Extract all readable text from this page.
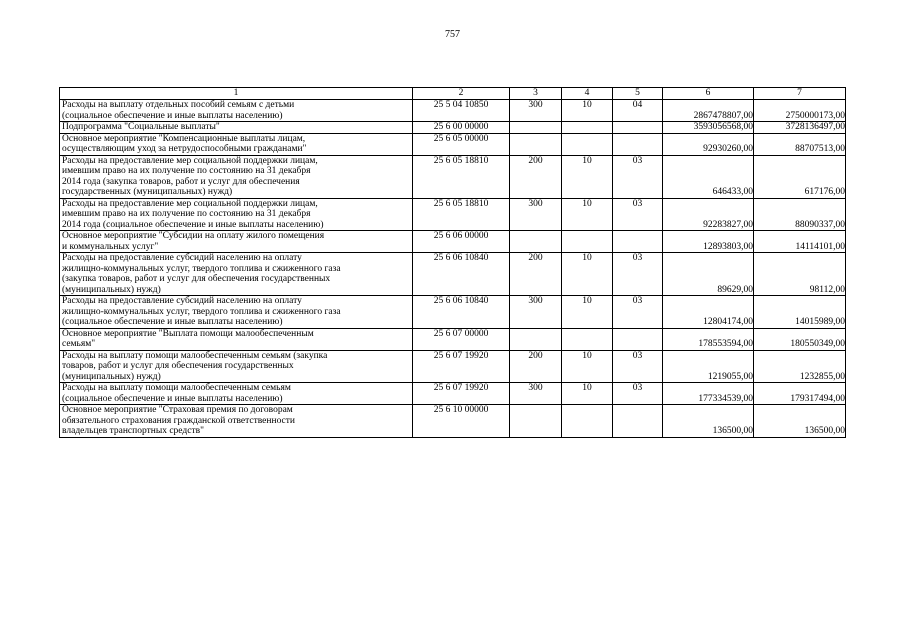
757
1	2	3	4	5	6	7
Расходы на выплату отдельных пособий семьям с детьми
(социальное обеспечение и иные выплаты населению)	25 5 04 10850	300	10	04	2867478807,00	2750000173,00
Подпрограмма "Социальные выплаты"	25 6 00 00000				3593056568,00	3728136497,00
Основное мероприятие "Компенсационные выплаты лицам,
осуществляющим уход за нетрудоспособными гражданами"	25 6 05 00000				92930260,00	88707513,00
Расходы на предоставление мер социальной поддержки лицам,
имевшим право на их получение по состоянию на 31 декабря
2014 года (закупка товаров, работ и услуг для обеспечения
государственных (муниципальных) нужд)	25 6 05 18810	200	10	03	646433,00	617176,00
Расходы на предоставление мер социальной поддержки лицам,
имевшим право на их получение по состоянию на 31 декабря
2014 года (социальное обеспечение и иные выплаты населению)	25 6 05 18810	300	10	03	92283827,00	88090337,00
Основное мероприятие "Субсидии на оплату жилого помещения
и коммунальных услуг"	25 6 06 00000				12893803,00	14114101,00
Расходы на предоставление субсидий населению на оплату
жилищно-коммунальных услуг, твердого топлива и сжиженного газа
(закупка товаров, работ и услуг для обеспечения государственных
(муниципальных) нужд)	25 6 06 10840	200	10	03	89629,00	98112,00
Расходы на предоставление субсидий населению на оплату
жилищно-коммунальных услуг, твердого топлива и сжиженного газа
(социальное обеспечение и иные выплаты населению)	25 6 06 10840	300	10	03	12804174,00	14015989,00
Основное мероприятие "Выплата помощи малообеспеченным
семьям"	25 6 07 00000				178553594,00	180550349,00
Расходы на выплату помощи малообеспеченным семьям (закупка
товаров, работ и услуг для обеспечения государственных
(муниципальных) нужд)	25 6 07 19920	200	10	03	1219055,00	1232855,00
Расходы на выплату помощи малообеспеченным семьям
(социальное обеспечение и иные выплаты населению)	25 6 07 19920	300	10	03	177334539,00	179317494,00
Основное мероприятие "Страховая премия по договорам
обязательного страхования гражданской ответственности
владельцев транспортных средств"	25 6 10 00000				136500,00	136500,00
